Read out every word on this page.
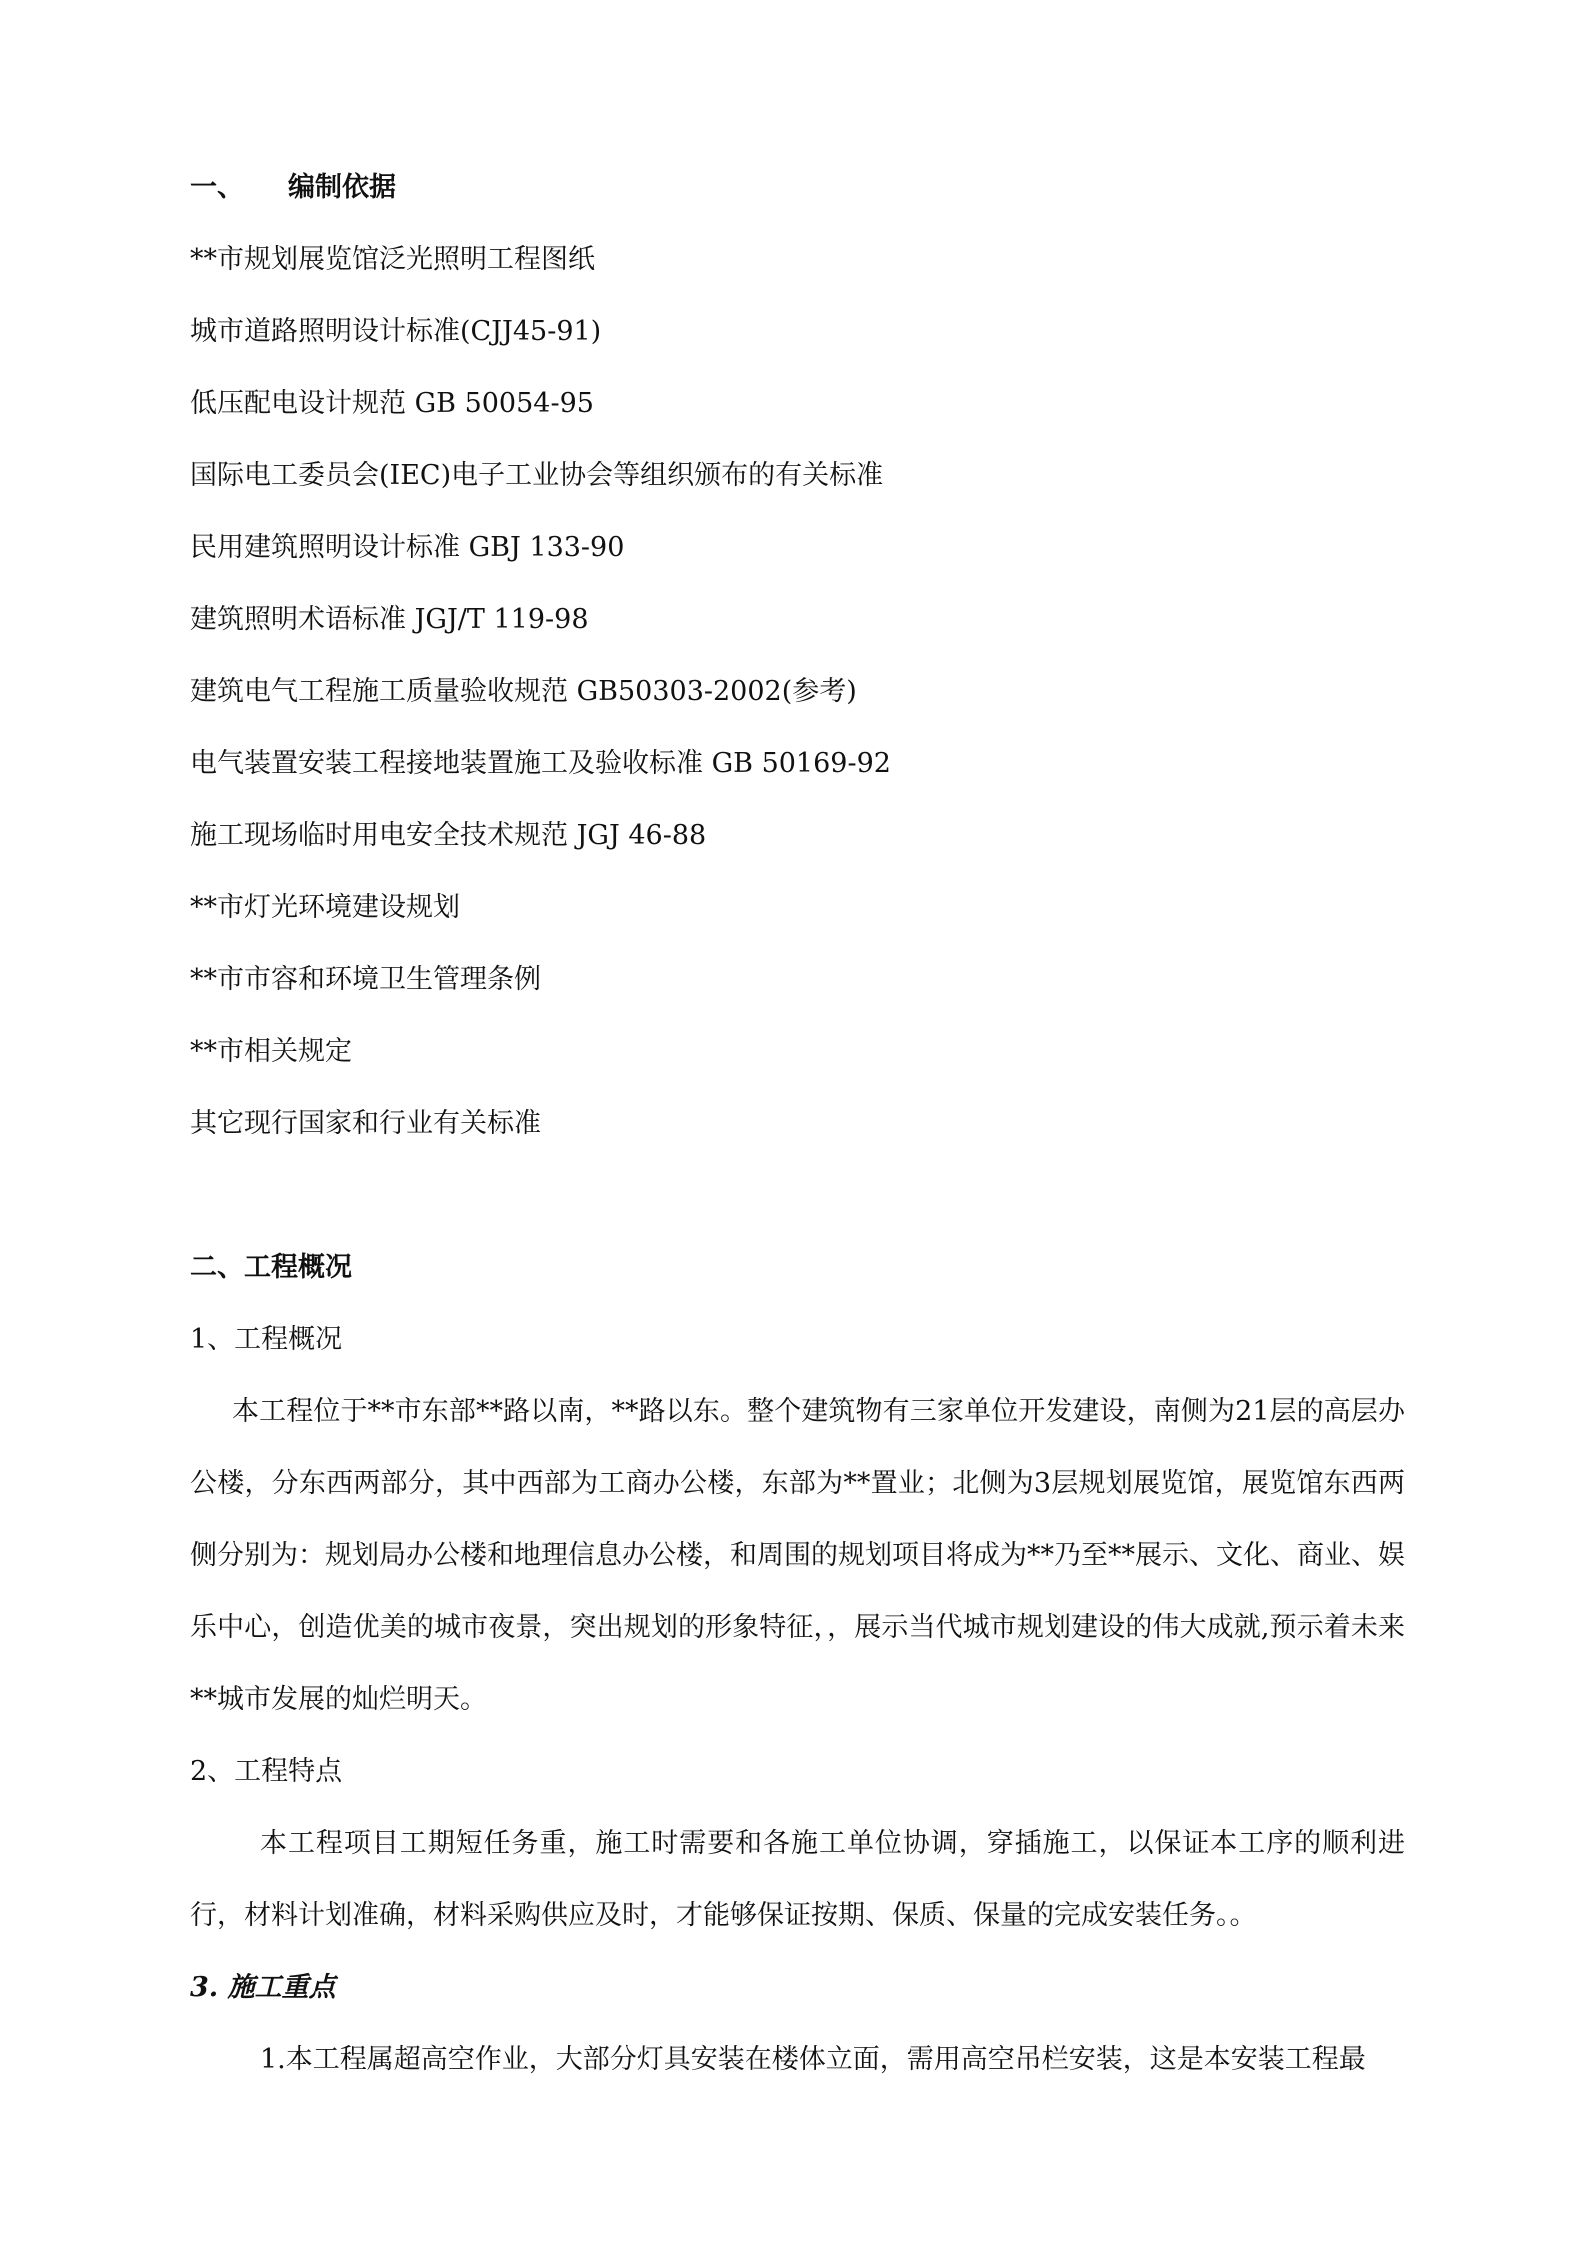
一、 编制依据
**市规划展览馆泛光照明工程图纸
城市道路照明设计标准(CJJ45-91)
低压配电设计规范 GB 50054-95
国际电工委员会(IEC)电子工业协会等组织颁布的有关标准
民用建筑照明设计标准 GBJ 133-90
建筑照明术语标准 JGJ/T 119-98
建筑电气工程施工质量验收规范 GB50303-2002(参考)
电气装置安装工程接地装置施工及验收标准 GB 50169-92
施工现场临时用电安全技术规范 JGJ 46-88
**市灯光环境建设规划
**市市容和环境卫生管理条例
**市相关规定
其它现行国家和行业有关标准
二、工程概况
1、工程概况
本工程位于**市东部**路以南，**路以东。整个建筑物有三家单位开发建设，南侧为21层的高层办公楼，分东西两部分，其中西部为工商办公楼，东部为**置业；北侧为3层规划展览馆，展览馆东西两侧分别为：规划局办公楼和地理信息办公楼，和周围的规划项目将成为**乃至**展示、文化、商业、娱乐中心，创造优美的城市夜景，突出规划的形象特征，，展示当代城市规划建设的伟大成就,预示着未来**城市发展的灿烂明天。
2、工程特点
本工程项目工期短任务重，施工时需要和各施工单位协调，穿插施工，以保证本工序的顺利进行，材料计划准确，材料采购供应及时，才能够保证按期、保质、保量的完成安装任务。。
3. 施工重点
1.本工程属超高空作业，大部分灯具安装在楼体立面，需用高空吊栏安装，这是本安装工程最
